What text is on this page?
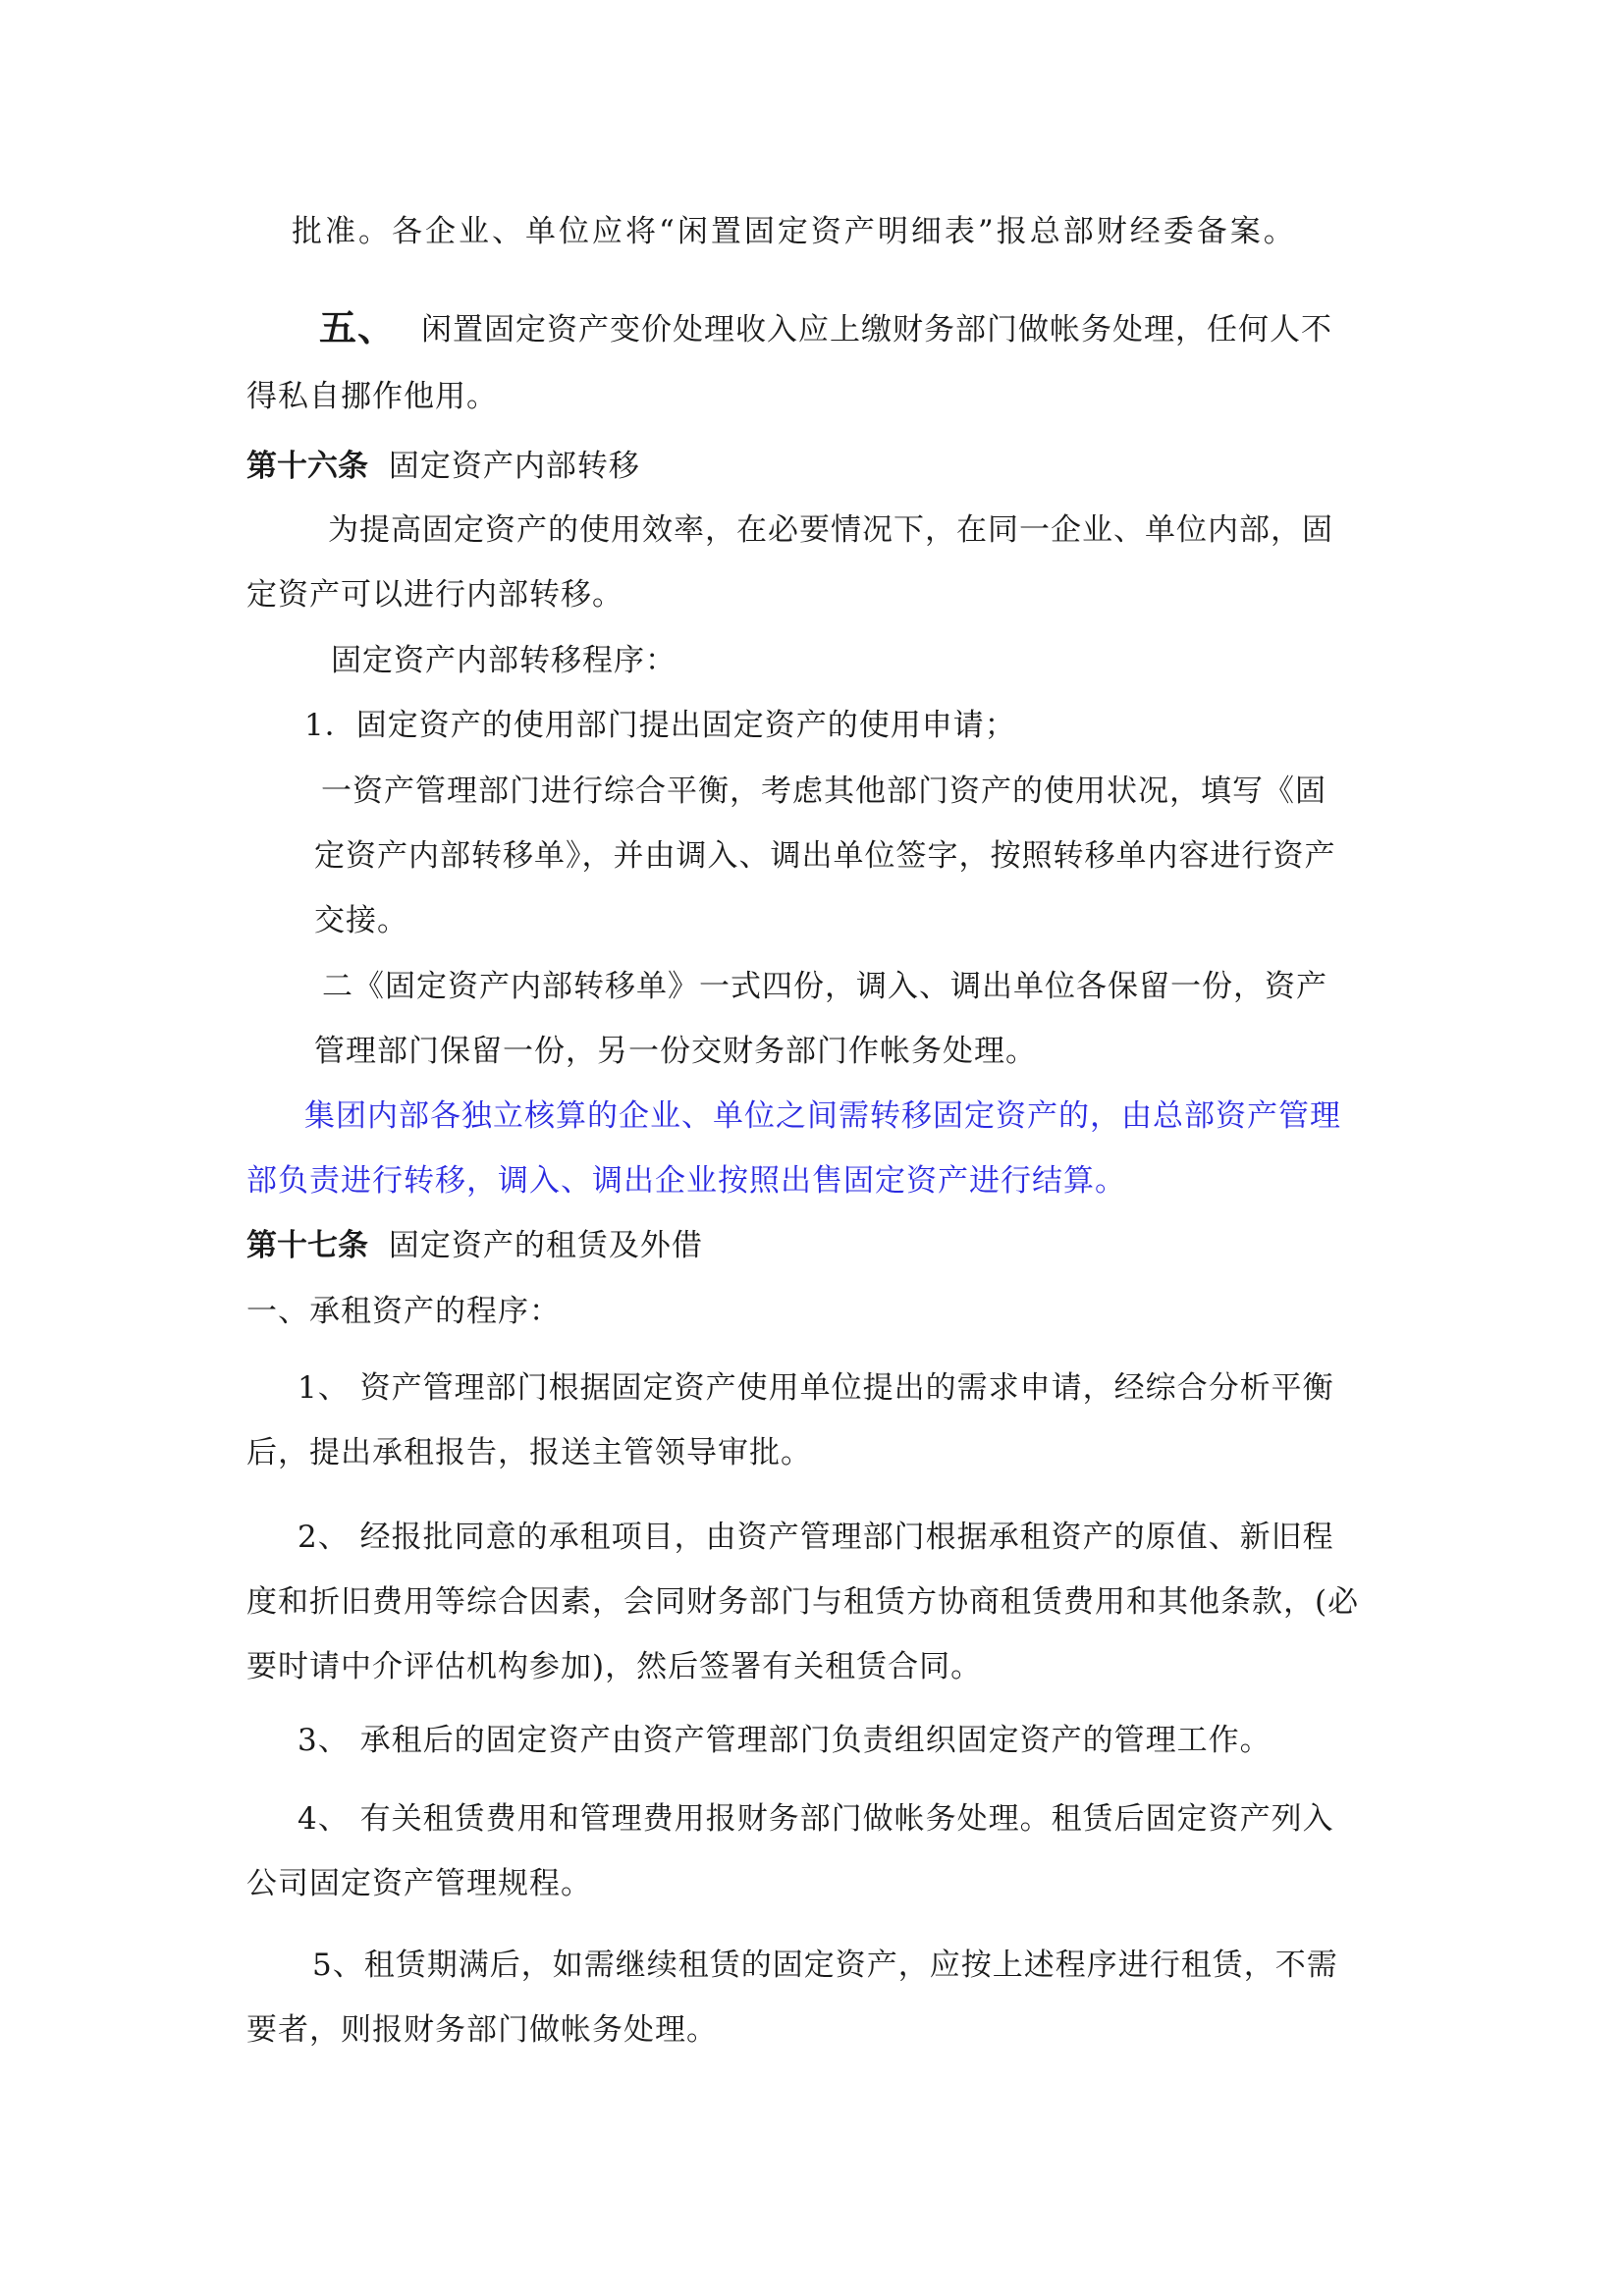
批准。各企业、单位应将“闲置固定资产明细表”报总部财经委备案。
五、 闲置固定资产变价处理收入应上缴财务部门做帐务处理，任何人不
得私自挪作他用。
第十六条 固定资产内部转移
为提高固定资产的使用效率，在必要情况下，在同一企业、单位内部，固
定资产可以进行内部转移。
固定资产内部转移程序：
1．固定资产的使用部门提出固定资产的使用申请；
一资产管理部门进行综合平衡，考虑其他部门资产的使用状况，填写《固
定资产内部转移单》，并由调入、调出单位签字，按照转移单内容进行资产
交接。
二《固定资产内部转移单》一式四份，调入、调出单位各保留一份，资产
管理部门保留一份，另一份交财务部门作帐务处理。
集团内部各独立核算的企业、单位之间需转移固定资产的，由总部资产管理
部负责进行转移，调入、调出企业按照出售固定资产进行结算。
第十七条 固定资产的租赁及外借
一、承租资产的程序：
1、 资产管理部门根据固定资产使用单位提出的需求申请，经综合分析平衡
后，提出承租报告，报送主管领导审批。
2、 经报批同意的承租项目，由资产管理部门根据承租资产的原值、新旧程
度和折旧费用等综合因素，会同财务部门与租赁方协商租赁费用和其他条款，(必
要时请中介评估机构参加)，然后签署有关租赁合同。
3、 承租后的固定资产由资产管理部门负责组织固定资产的管理工作。
4、 有关租赁费用和管理费用报财务部门做帐务处理。租赁后固定资产列入
公司固定资产管理规程。
5、租赁期满后，如需继续租赁的固定资产，应按上述程序进行租赁，不需
要者，则报财务部门做帐务处理。
